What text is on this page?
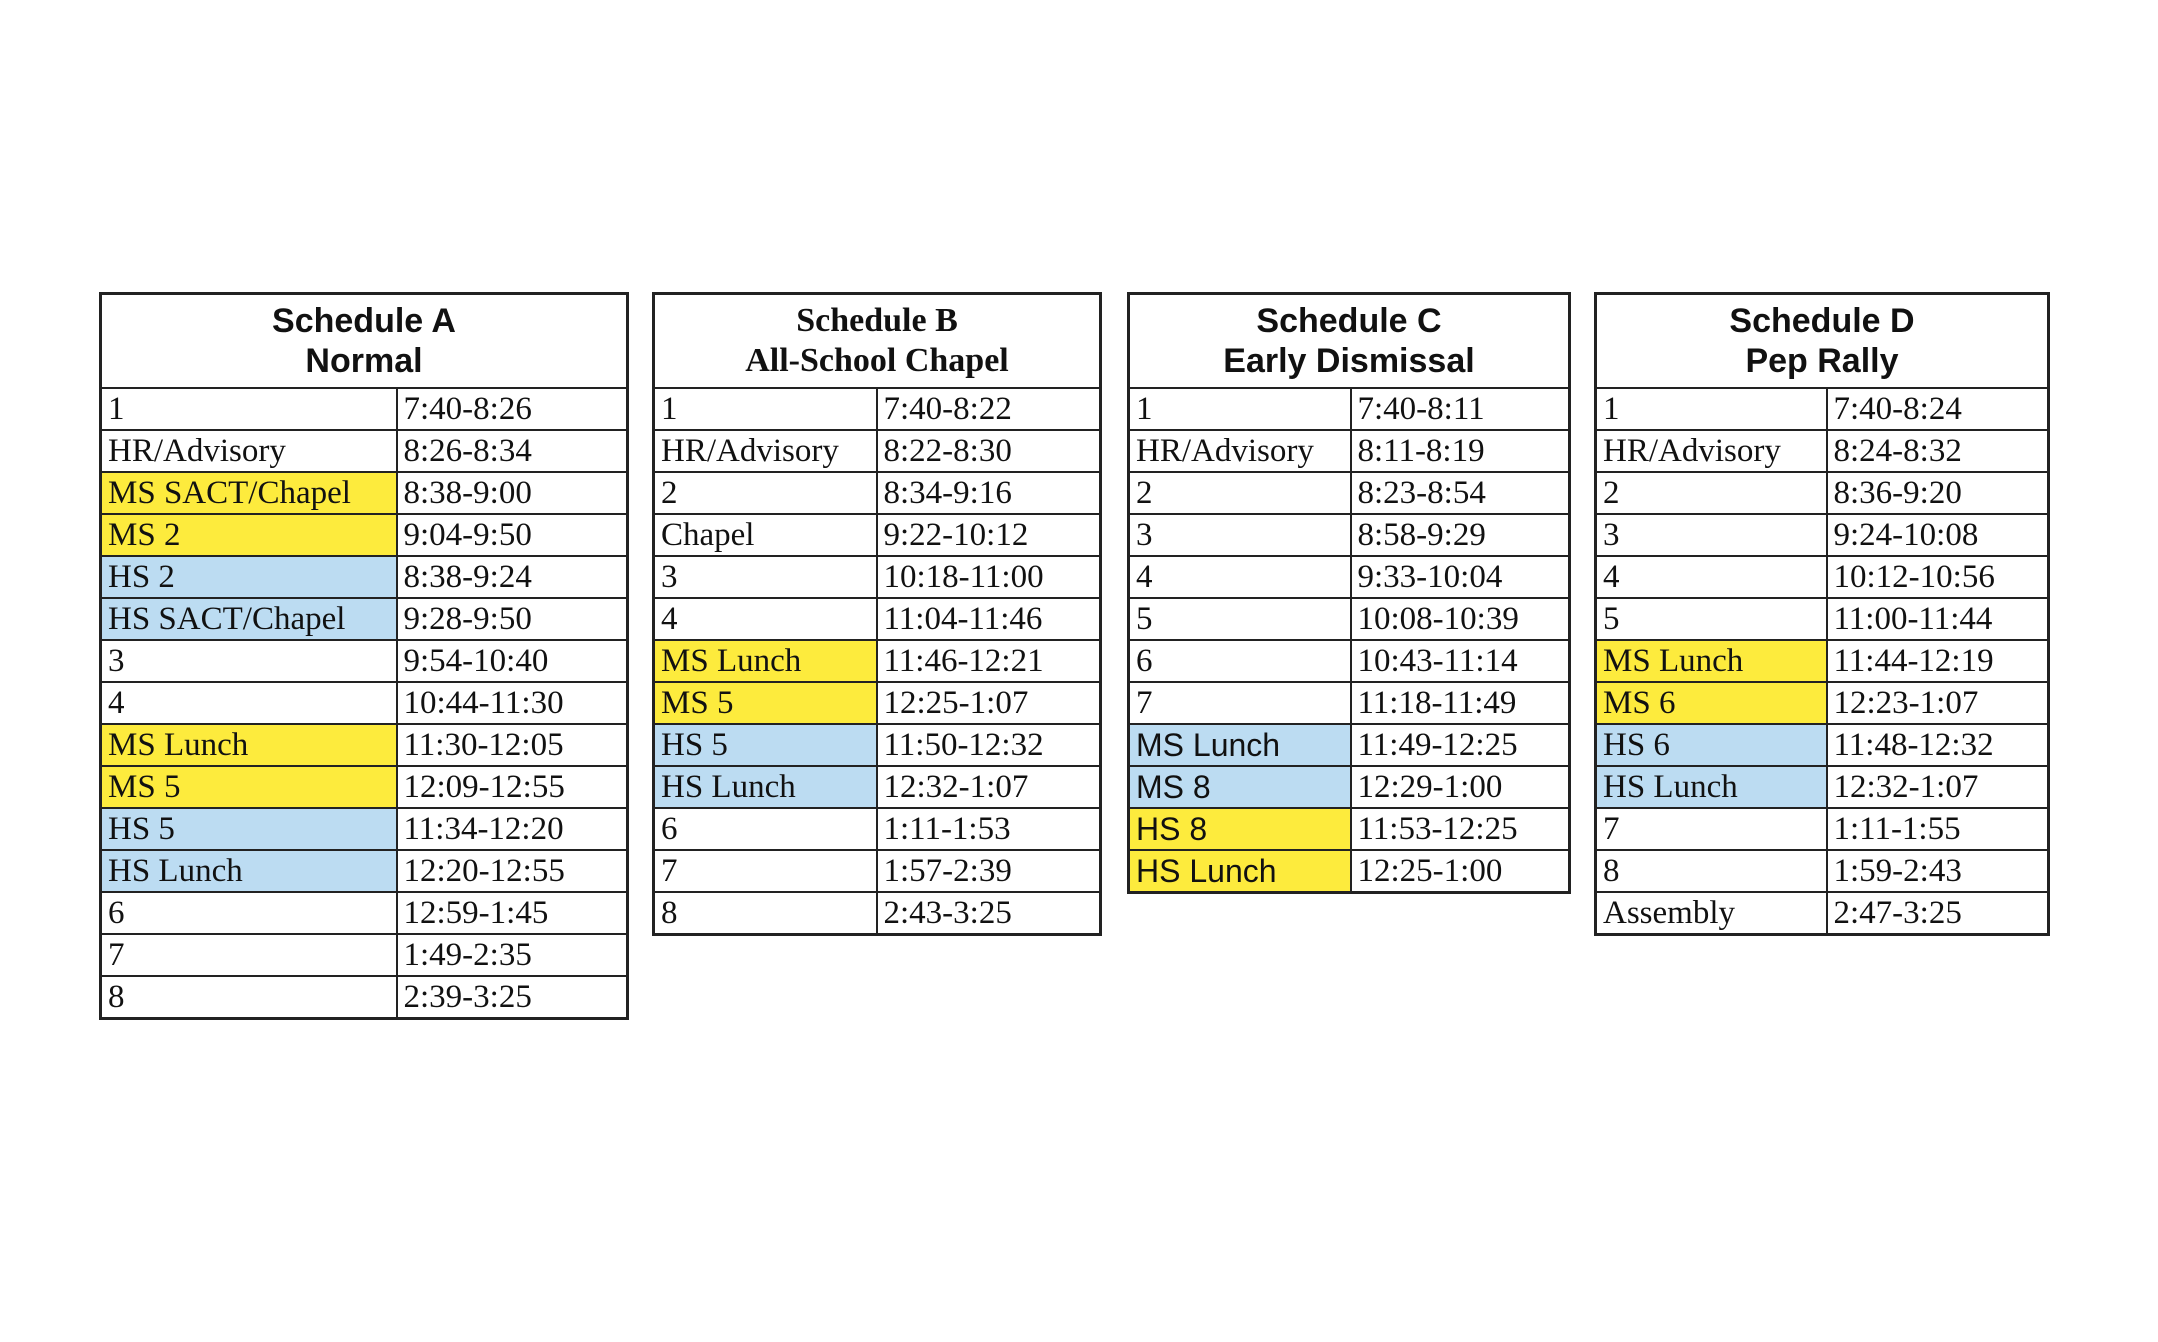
Schedule A
Normal	

1	7:40-8:26
HR/Advisory	8:26-8:34
MS SACT/Chapel	8:38-9:00
MS 2	9:04-9:50
HS 2	8:38-9:24
HS SACT/Chapel	9:28-9:50
3	9:54-10:40
4	10:44-11:30
MS Lunch	11:30-12:05
MS 5	12:09-12:55
HS 5	11:34-12:20
HS Lunch	12:20-12:55
6	12:59-1:45
7	1:49-2:35
8	2:39-3:25
Schedule B
All-School Chapel	

1	7:40-8:22
HR/Advisory	8:22-8:30
2	8:34-9:16
Chapel	9:22-10:12
3	10:18-11:00
4	11:04-11:46
MS Lunch	11:46-12:21
MS 5	12:25-1:07
HS 5	11:50-12:32
HS Lunch	12:32-1:07
6	1:11-1:53
7	1:57-2:39
8	2:43-3:25
Schedule C
Early Dismissal	

1	7:40-8:11
HR/Advisory	8:11-8:19
2	8:23-8:54
3	8:58-9:29
4	9:33-10:04
5	10:08-10:39
6	10:43-11:14
7	11:18-11:49
MS Lunch	11:49-12:25
MS 8	12:29-1:00
HS 8	11:53-12:25
HS Lunch	12:25-1:00
Schedule D
Pep Rally	

1	7:40-8:24
HR/Advisory	8:24-8:32
2	8:36-9:20
3	9:24-10:08
4	10:12-10:56
5	11:00-11:44
MS Lunch	11:44-12:19
MS 6	12:23-1:07
HS 6	11:48-12:32
HS Lunch	12:32-1:07
7	1:11-1:55
8	1:59-2:43
Assembly	2:47-3:25
